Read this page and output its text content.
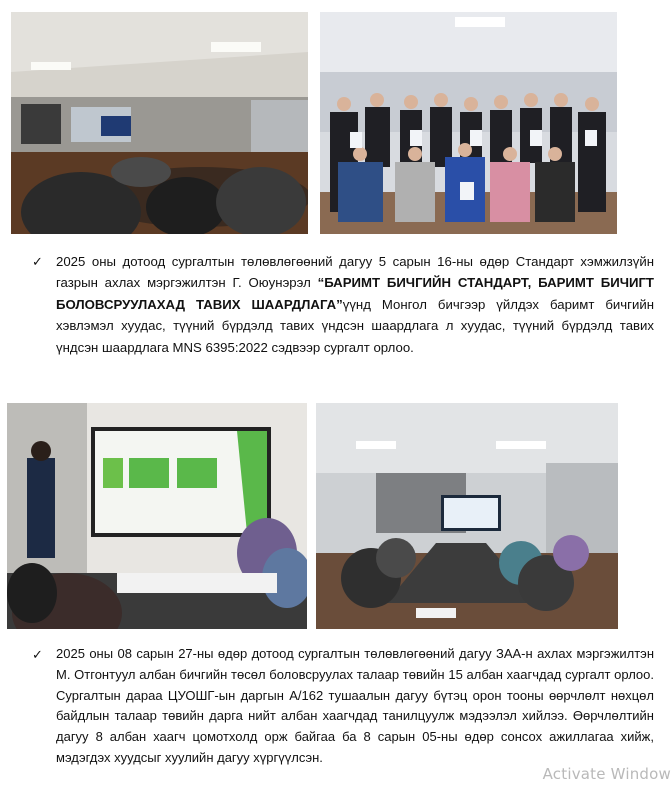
✓ 2025 оны дотоод сургалтын төлөвлөгөөний дагуу 5 сарын 16-ны өдөр Стандарт хэмжилзүйн газрын ахлах мэргэжилтэн Г. Оюунэрэл “БАРИМТ БИЧГИЙН СТАНДАРТ, БАРИМТ БИЧИГТ БОЛОВСРУУЛАХАД ТАВИХ ШААРДЛАГА”үүнд Монгол бичгээр үйлдэх баримт бичгийн хэвлэмэл хуудас, түүний бүрдэлд тавих үндсэн шаардлага л хуудас, түүний бүрдэлд тавих үндсэн шаардлага MNS 6395:2022 сэдвээр сургалт орлоо.
✓ 2025 оны 08 сарын 27-ны өдөр дотоод сургалтын төлөвлөгөөний дагуу ЗАА-н ахлах мэргэжилтэн М. Отгонтуул албан бичгийн төсөл боловсруулах талаар төвийн 15 албан хаагчдад сургалт орлоо. Сургалтын дараа ЦУОШГ-ын даргын А/162 тушаалын дагуу бүтэц орон тооны өөрчлөлт нөхцөл байдлын талаар төвийн дарга нийт албан хаагчдад танилцуулж мэдээлэл хийлээ. Өөрчлөлтийн дагуу 8 албан хаагч цомотхолд орж байгаа ба 8 сарын 05-ны өдөр сонсох ажиллагаа хийж, мэдэгдэх хуудсыг хуулийн дагуу хүргүүлсэн.
Activate Window
